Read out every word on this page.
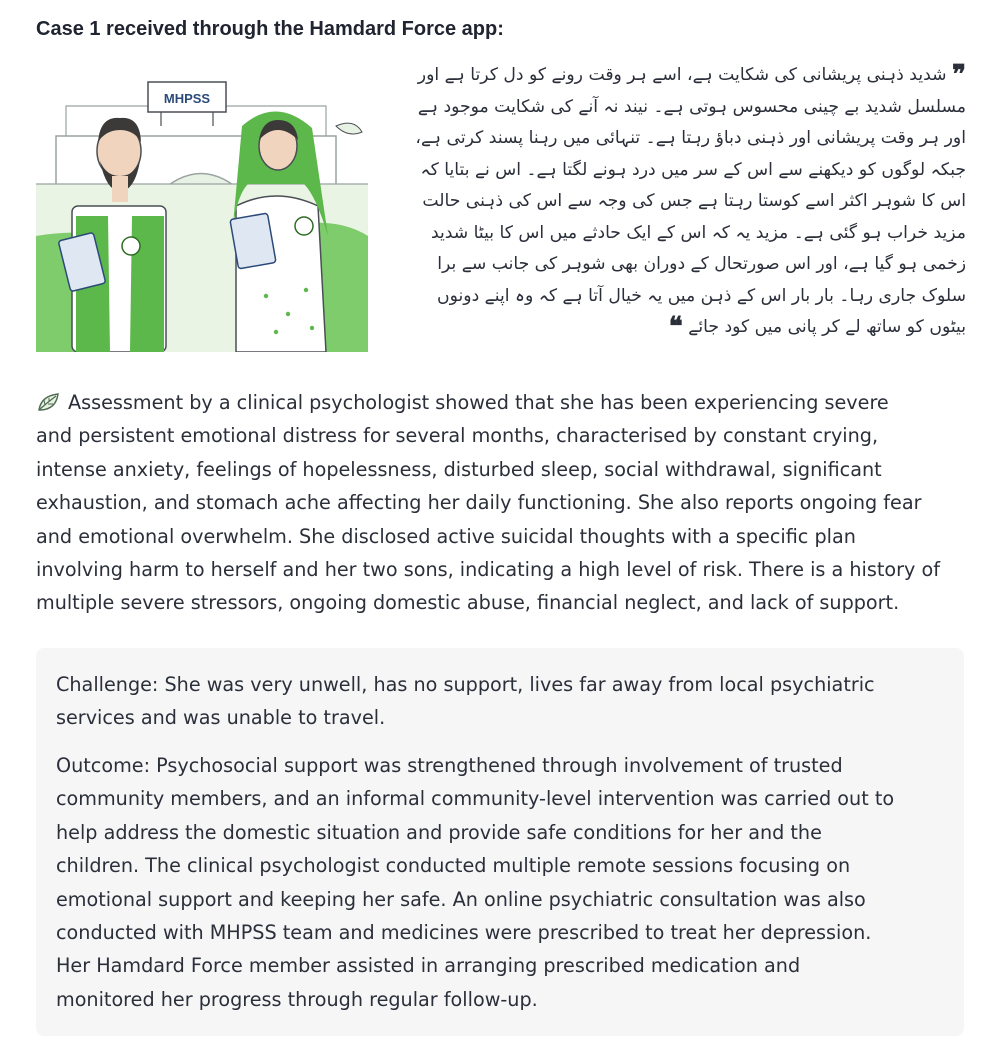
Case 1 received through the Hamdard Force app:
MHPSS
❞ شدید ذہنی پریشانی کی شکایت ہے، اسے ہر وقت رونے کو دل کرتا ہے اور
مسلسل شدید بے چینی محسوس ہوتی ہے۔ نیند نہ آنے کی شکایت موجود ہے
اور ہر وقت پریشانی اور ذہنی دباؤ رہتا ہے۔ تنہائی میں رہنا پسند کرتی ہے،
جبکہ لوگوں کو دیکھنے سے اس کے سر میں درد ہونے لگتا ہے۔ اس نے بتایا کہ
اس کا شوہر اکثر اسے کوستا رہتا ہے جس کی وجہ سے اس کی ذہنی حالت
مزید خراب ہو گئی ہے۔ مزید یہ کہ اس کے ایک حادثے میں اس کا بیٹا شدید
زخمی ہو گیا ہے، اور اس صورتحال کے دوران بھی شوہر کی جانب سے برا
سلوک جاری رہا۔ بار بار اس کے ذہن میں یہ خیال آتا ہے کہ وہ اپنے دونوں
بیٹوں کو ساتھ لے کر پانی میں کود جائے ❝

Assessment by a clinical psychologist showed that she has been experiencing severe
and persistent emotional distress for several months, characterised by constant crying,
intense anxiety, feelings of hopelessness, disturbed sleep, social withdrawal, significant
exhaustion, and stomach ache affecting her daily functioning. She also reports ongoing fear
and emotional overwhelm. She disclosed active suicidal thoughts with a specific plan
involving harm to herself and her two sons, indicating a high level of risk. There is a history of
multiple severe stressors, ongoing domestic abuse, financial neglect, and lack of support.

Challenge: She was very unwell, has no support, lives far away from local psychiatric
services and was unable to travel.

Outcome: Psychosocial support was strengthened through involvement of trusted
community members, and an informal community-level intervention was carried out to
help address the domestic situation and provide safe conditions for her and the
children. The clinical psychologist conducted multiple remote sessions focusing on
emotional support and keeping her safe. An online psychiatric consultation was also
conducted with MHPSS team and medicines were prescribed to treat her depression.
Her Hamdard Force member assisted in arranging prescribed medication and
monitored her progress through regular follow-up.
